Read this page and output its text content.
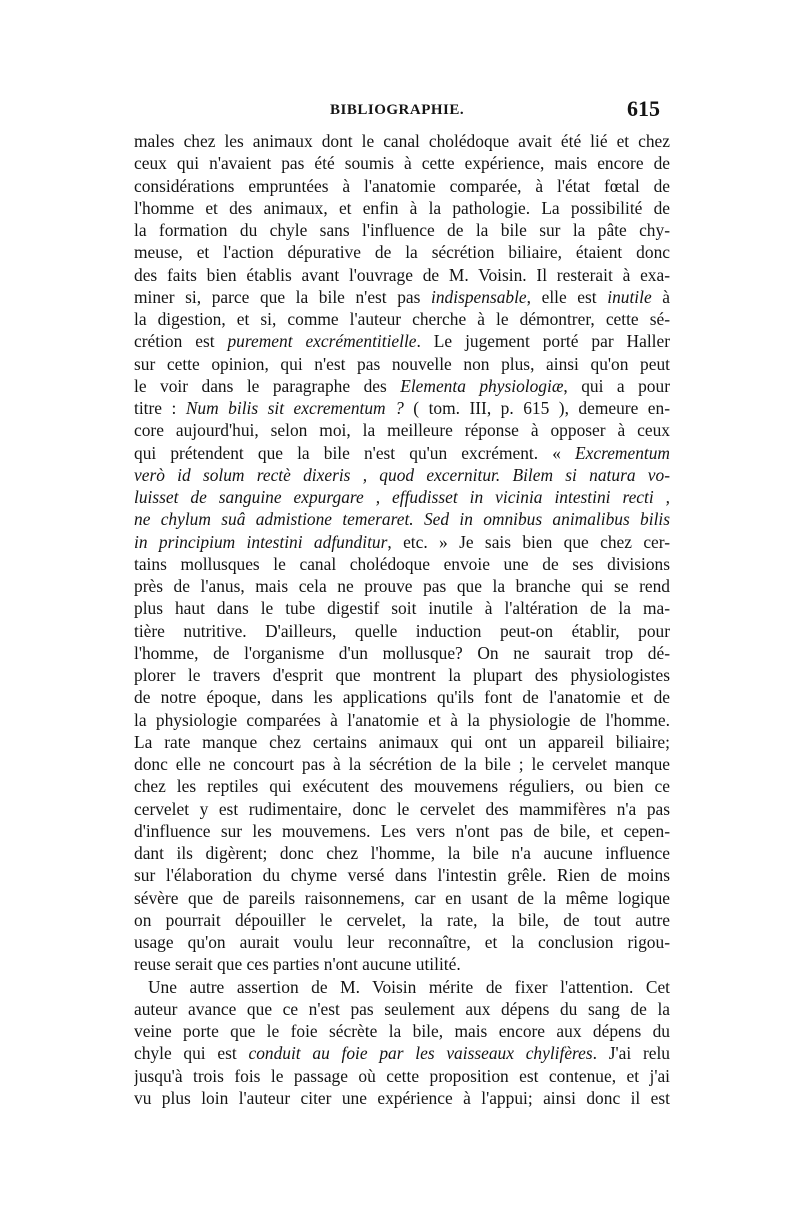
BIBLIOGRAPHIE.	615
males chez les animaux dont le canal cholédoque avait été lié et chez
ceux qui n'avaient pas été soumis à cette expérience, mais encore de
considérations empruntées à l'anatomie comparée, à l'état fœtal de
l'homme et des animaux, et enfin à la pathologie. La possibilité de
la formation du chyle sans l'influence de la bile sur la pâte chy-
meuse, et l'action dépurative de la sécrétion biliaire, étaient donc
des faits bien établis avant l'ouvrage de M. Voisin. Il resterait à exa-
miner si, parce que la bile n'est pas indispensable, elle est inutile à
la digestion, et si, comme l'auteur cherche à le démontrer, cette sé-
crétion est purement excrémentitielle. Le jugement porté par Haller
sur cette opinion, qui n'est pas nouvelle non plus, ainsi qu'on peut
le voir dans le paragraphe des Elementa physiologiæ, qui a pour
titre : Num bilis sit excrementum ? ( tom. III, p. 615 ), demeure en-
core aujourd'hui, selon moi, la meilleure réponse à opposer à ceux
qui prétendent que la bile n'est qu'un excrément. « Excrementum
verò id solum rectè dixeris , quod excernitur. Bilem si natura vo-
luisset de sanguine expurgare , effudisset in vicinia intestini recti ,
ne chylum suâ admistione temeraret. Sed in omnibus animalibus bilis
in principium intestini adfunditur, etc. » Je sais bien que chez cer-
tains mollusques le canal cholédoque envoie une de ses divisions
près de l'anus, mais cela ne prouve pas que la branche qui se rend
plus haut dans le tube digestif soit inutile à l'altération de la ma-
tière nutritive. D'ailleurs, quelle induction peut-on établir, pour
l'homme, de l'organisme d'un mollusque? On ne saurait trop dé-
plorer le travers d'esprit que montrent la plupart des physiologistes
de notre époque, dans les applications qu'ils font de l'anatomie et de
la physiologie comparées à l'anatomie et à la physiologie de l'homme.
La rate manque chez certains animaux qui ont un appareil biliaire;
donc elle ne concourt pas à la sécrétion de la bile ; le cervelet manque
chez les reptiles qui exécutent des mouvemens réguliers, ou bien ce
cervelet y est rudimentaire, donc le cervelet des mammifères n'a pas
d'influence sur les mouvemens. Les vers n'ont pas de bile, et cepen-
dant ils digèrent; donc chez l'homme, la bile n'a aucune influence
sur l'élaboration du chyme versé dans l'intestin grêle. Rien de moins
sévère que de pareils raisonnemens, car en usant de la même logique
on pourrait dépouiller le cervelet, la rate, la bile, de tout autre
usage qu'on aurait voulu leur reconnaître, et la conclusion rigou-
reuse serait que ces parties n'ont aucune utilité.
Une autre assertion de M. Voisin mérite de fixer l'attention. Cet
auteur avance que ce n'est pas seulement aux dépens du sang de la
veine porte que le foie sécrète la bile, mais encore aux dépens du
chyle qui est conduit au foie par les vaisseaux chylifères. J'ai relu
jusqu'à trois fois le passage où cette proposition est contenue, et j'ai
vu plus loin l'auteur citer une expérience à l'appui; ainsi donc il est
